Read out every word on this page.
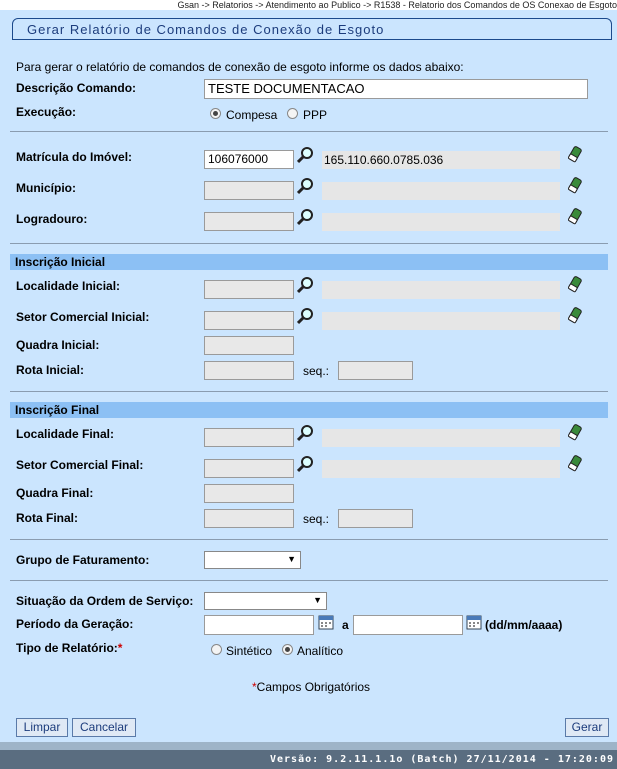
Gsan -> Relatorios -> Atendimento ao Publico -> R1538 - Relatorio dos Comandos de OS Conexao de Esgoto
Gerar Relatório de Comandos de Conexão de Esgoto
Para gerar o relatório de comandos de conexão de esgoto informe os dados abaixo:
Descrição Comando:	TESTE DOCUMENTACAO
Execução:	Compesa PPP
Matrícula do Imóvel:	106076000	165.110.660.0785.036
Município:
Logradouro:
Inscrição Inicial
Localidade Inicial:
Setor Comercial Inicial:
Quadra Inicial:
Rota Inicial:	seq.:
Inscrição Final
Localidade Final:
Setor Comercial Final:
Quadra Final:
Rota Final:	seq.:
Grupo de Faturamento:	▼
Situação da Ordem de Serviço:	▼
Período da Geração:	a	(dd/mm/aaaa)
Tipo de Relatório:*	Sintético Analítico
*Campos Obrigatórios
Limpar	Cancelar	Gerar
Versão: 9.2.11.1.1o (Batch) 27/11/2014 - 17:20:09
